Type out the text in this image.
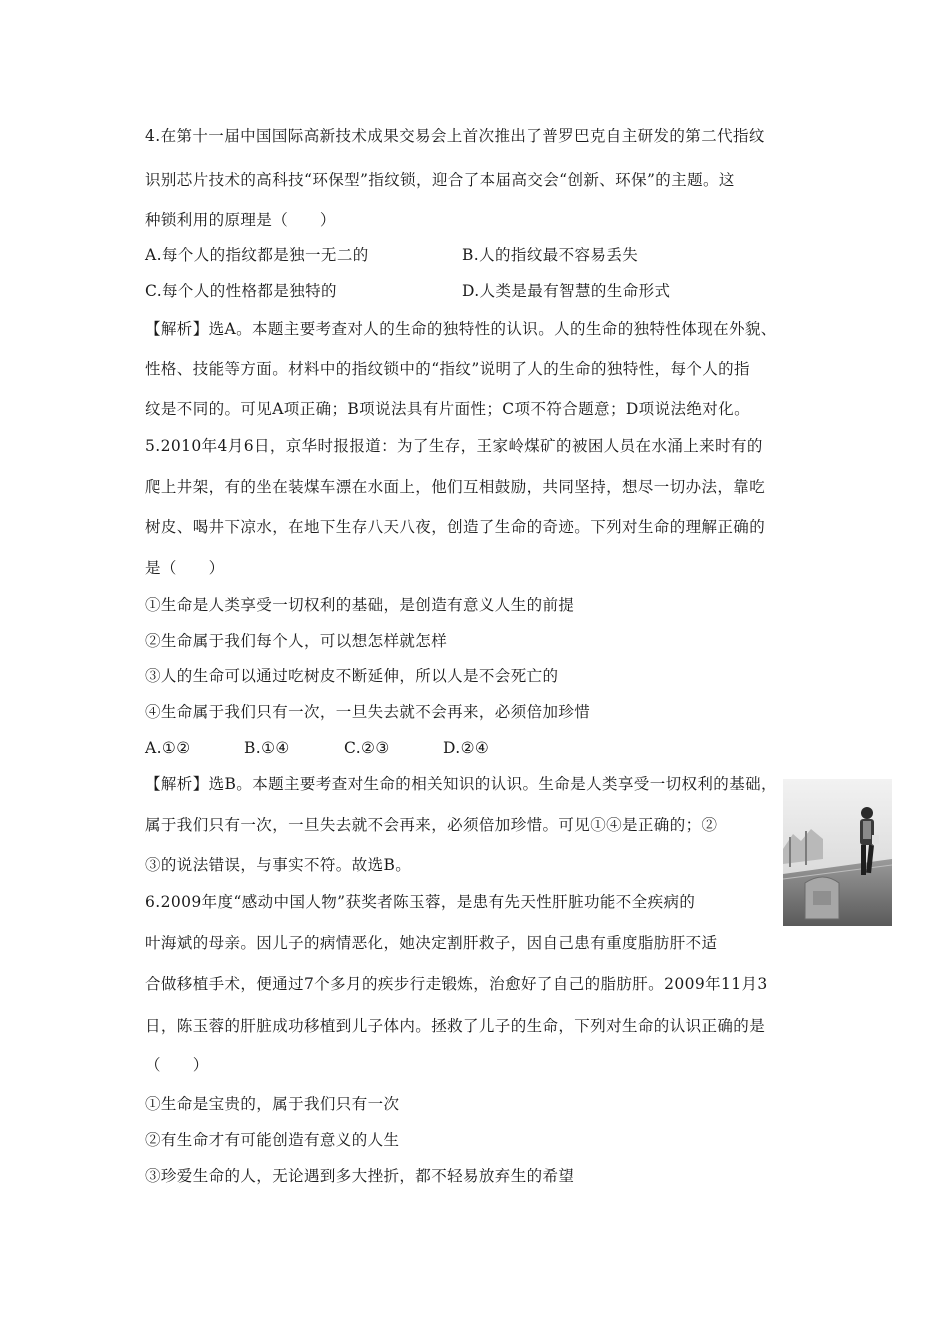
4.在第十一届中国国际高新技术成果交易会上首次推出了普罗巴克自主研发的第二代指纹
识别芯片技术的高科技“环保型”指纹锁，迎合了本届高交会“创新、环保”的主题。这
种锁利用的原理是（　　）
A.每个人的指纹都是独一无二的	B.人的指纹最不容易丢失
C.每个人的性格都是独特的	D.人类是最有智慧的生命形式
【解析】选A。本题主要考查对人的生命的独特性的认识。人的生命的独特性体现在外貌、
性格、技能等方面。材料中的指纹锁中的“指纹”说明了人的生命的独特性，每个人的指
纹是不同的。可见A项正确；B项说法具有片面性；C项不符合题意；D项说法绝对化。
5.2010年4月6日，京华时报报道：为了生存，王家岭煤矿的被困人员在水涌上来时有的
爬上井架，有的坐在装煤车漂在水面上，他们互相鼓励，共同坚持，想尽一切办法，靠吃
树皮、喝井下凉水，在地下生存八天八夜，创造了生命的奇迹。下列对生命的理解正确的
是（　　）
①生命是人类享受一切权利的基础，是创造有意义人生的前提
②生命属于我们每个人，可以想怎样就怎样
③人的生命可以通过吃树皮不断延伸，所以人是不会死亡的
④生命属于我们只有一次，一旦失去就不会再来，必须倍加珍惜
A.①②	B.①④	C.②③	D.②④
【解析】选B。本题主要考查对生命的相关知识的认识。生命是人类享受一切权利的基础，
属于我们只有一次，一旦失去就不会再来，必须倍加珍惜。可见①④是正确的；②
③的说法错误，与事实不符。故选B。
6.2009年度“感动中国人物”获奖者陈玉蓉，是患有先天性肝脏功能不全疾病的
叶海斌的母亲。因儿子的病情恶化，她决定割肝救子，因自己患有重度脂肪肝不适
合做移植手术，便通过7个多月的疾步行走锻炼，治愈好了自己的脂肪肝。2009年11月3
日，陈玉蓉的肝脏成功移植到儿子体内。拯救了儿子的生命，下列对生命的认识正确的是
（　　）
①生命是宝贵的，属于我们只有一次
②有生命才有可能创造有意义的人生
③珍爱生命的人，无论遇到多大挫折，都不轻易放弃生的希望
